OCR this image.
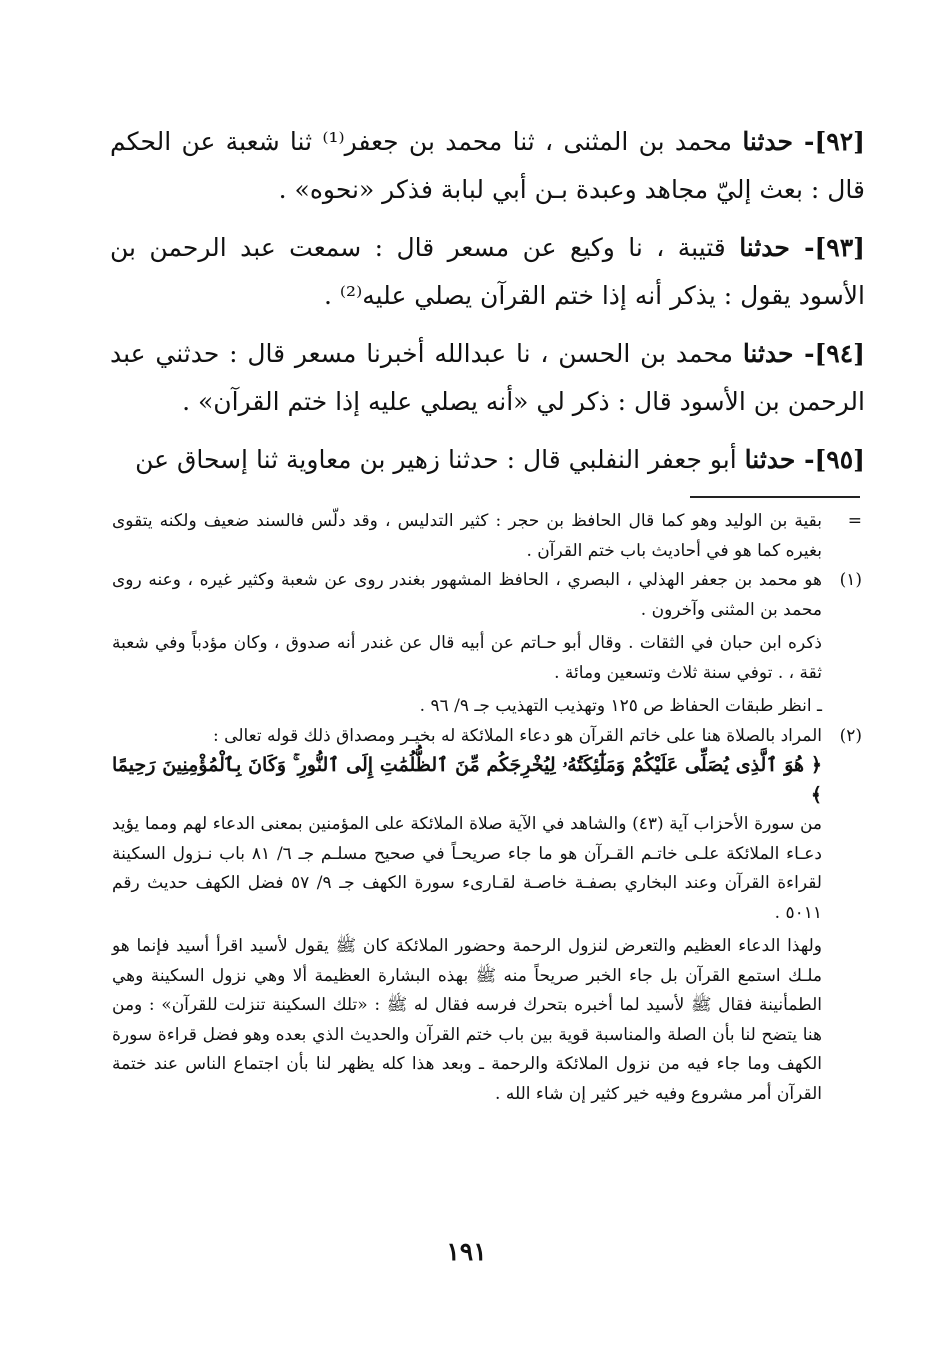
[٩٢]- حدثنا محمد بن المثنى ، ثنا محمد بن جعفر⁽¹⁾ ثنا شعبة عن الحكم قال : بعث إليّ مجاهد وعبدة بـن أبي لبابة فذكر «نحوه» .

[٩٣]- حدثنا قتيبة ، نا وكيع عن مسعر قال : سمعت عبد الرحمن بن الأسود يقول : يذكر أنه إذا ختم القرآن يصلي عليه⁽²⁾ .

[٩٤]- حدثنا محمد بن الحسن ، نا عبدالله أخبرنا مسعر قال : حدثني عبد الرحمن بن الأسود قال : ذكر لي «أنه يصلي عليه إذا ختم القرآن» .

[٩٥]- حدثنا أبو جعفر النفلبي قال : حدثنا زهير بن معاوية ثنا إسحاق عن

=

بقية بن الوليد وهو كما قال الحافظ بن حجر : كثير التدليس ، وقد دلّس فالسند ضعيف ولكنه يتقوى بغيره كما هو في أحاديث باب ختم القرآن .

(١)

هو محمد بن جعفر الهذلي ، البصري ، الحافظ المشهور بغندر روى عن شعبة وكثير غيره ، وعنه روى محمد بن المثنى وآخرون .

ذكره ابن حبان في الثقات . وقال أبو حـاتم عن أبيه قال عن غندر أنه صدوق ، وكان مؤدباً وفي شعبة ثقة ، . توفي سنة ثلاث وتسعين ومائة .

ـ انظر طبقات الحفاظ ص ١٢٥ وتهذيب التهذيب جـ ٩/ ٩٦ .

(٢)

المراد بالصلاة هنا على خاتم القرآن هو دعاء الملائكة له بخيـر ومصداق ذلك قوله تعالى :

﴿ هُوَ ٱلَّذِى يُصَلِّى عَلَيْكُمْ وَمَلَٰٓئِكَتُهُۥ لِيُخْرِجَكُم مِّنَ ٱلظُّلُمَٰتِ إِلَى ٱلنُّورِ ۚ وَكَانَ بِٱلْمُؤْمِنِينَ رَحِيمًا ﴾

من سورة الأحزاب آية (٤٣) والشاهد في الآية صلاة الملائكة على المؤمنين بمعنى الدعاء لهم ومما يؤيد دعـاء الملائكة علـى خاتـم القـرآن هو ما جاء صريحـاً في صحيح مسلـم جـ ٦/ ٨١ باب نـزول السكينة لقراءة القرآن وعند البخاري بصفـة خاصـة لقـارىء سورة الكهف جـ ٩/ ٥٧ فضل الكهف حديث رقم ٥٠١١ .

ولهذا الدعاء العظيم والتعرض لنزول الرحمة وحضور الملائكة كان ﷺ يقول لأسيد اقرأ أسيد فإنما هو ملـك استمع القرآن بل جاء الخبر صريحاً منه ﷺ بهذه البشارة العظيمة ألا وهي نزول السكينة وهي الطمأنينة فقال ﷺ لأسيد لما أخبره بتحرك فرسه فقال له ﷺ : «تلك السكينة تنزلت للقرآن» : ومن هنا يتضح لنا بأن الصلة والمناسبة قوية بين باب ختم القرآن والحديث الذي بعده وهو فضل قراءة سورة الكهف وما جاء فيه من نزول الملائكة والرحمة ـ وبعد هذا كله يظهر لنا بأن اجتماع الناس عند ختمة القرآن أمر مشروع وفيه خير كثير إن شاء الله .

١٩١
